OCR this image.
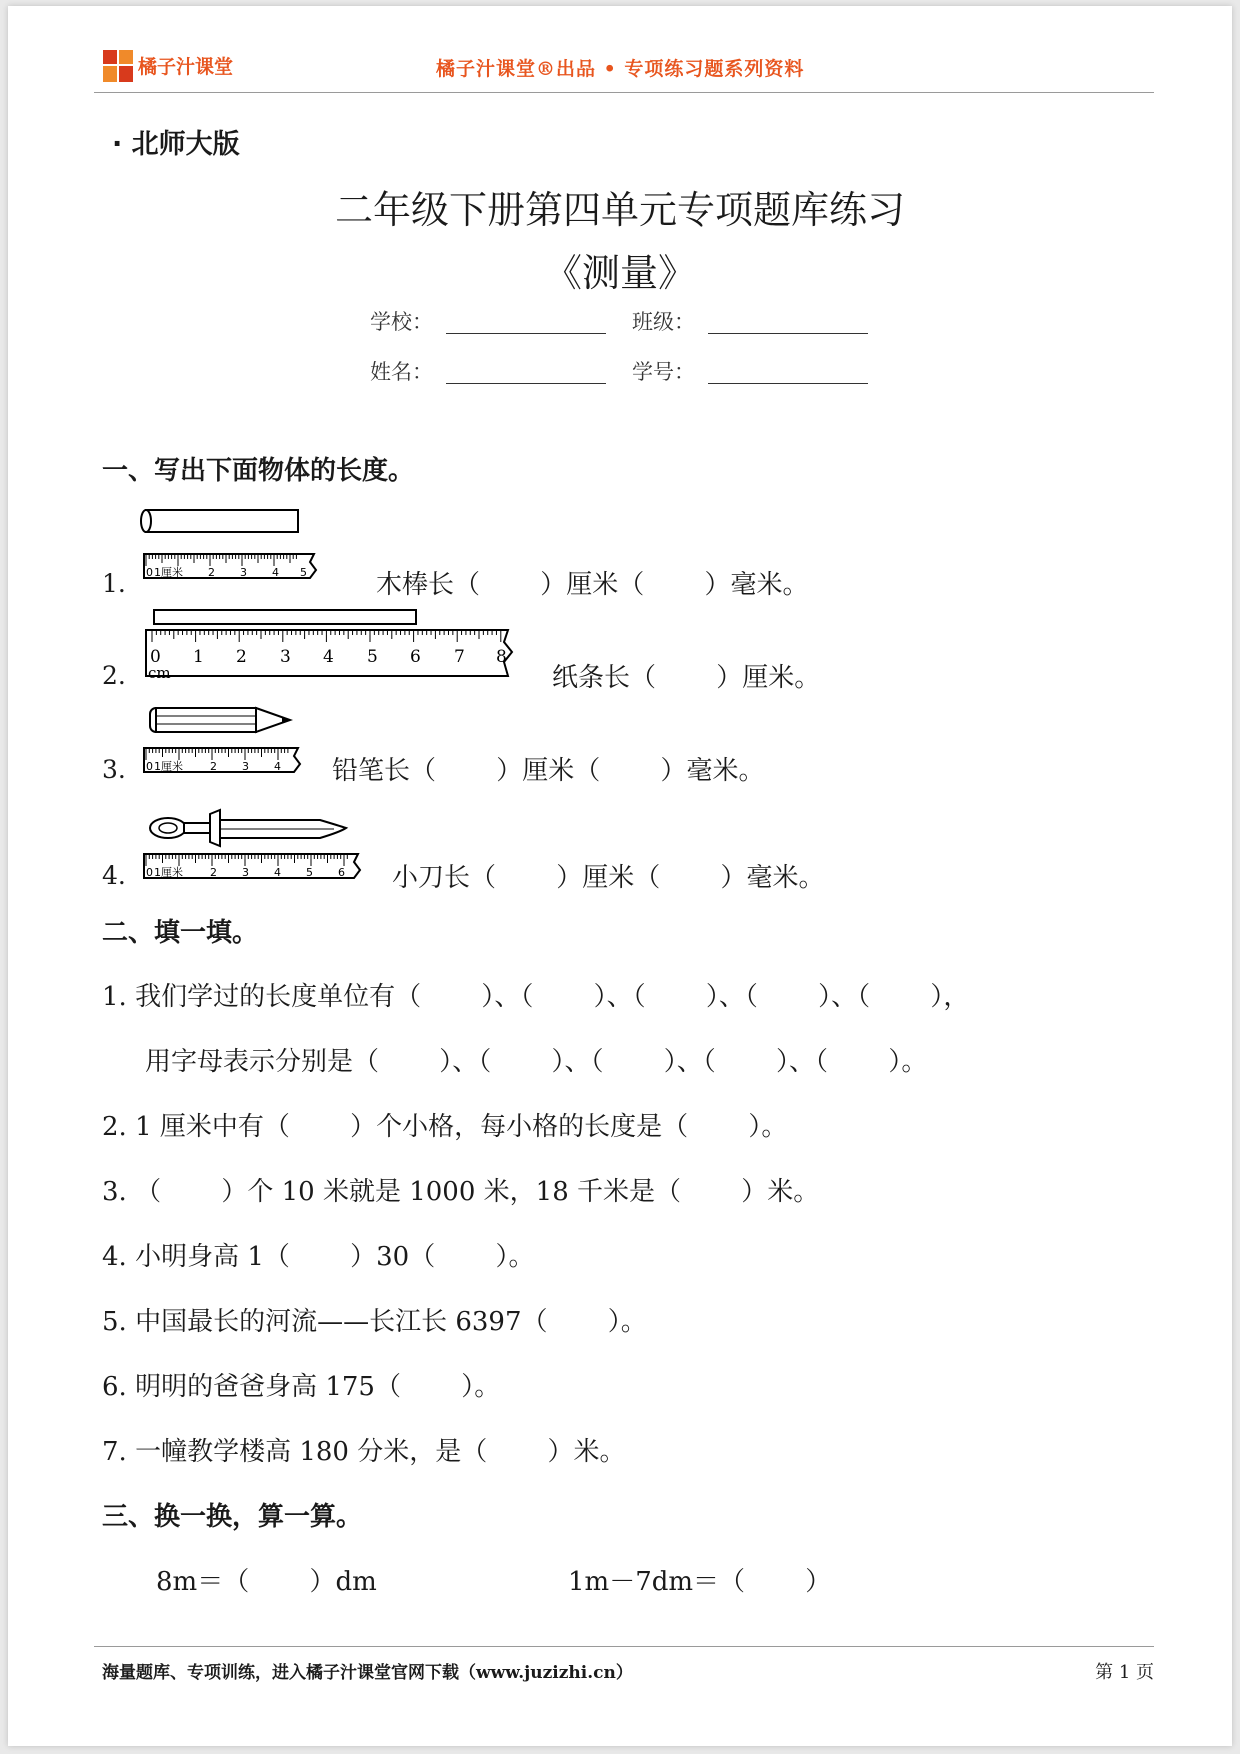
橘子汁课堂	橘子汁课堂®出品 • 专项练习题系列资料
· 北师大版
二年级下册第四单元专项题库练习
《测量》
学校：	班级：
姓名：	学号：
一、写出下面物体的长度。
1. 0 1 厘米 2 3 4 5	木棒长（　　 ）厘米（　　 ）毫米。
2.
0 1 2 3 4 5 6 7 8
cm	纸条长（　　 ）厘米。
3. 0 1 厘米 2 3 4 铅笔长（　　 ）厘米（　　 ）毫米。
4. 0 1 厘米 2 3 4 5 6 小刀长（　　 ）厘米（　　 ）毫米。
二、填一填。
1. 我们学过的长度单位有（　　 ）、（　　 ）、（　　 ）、（　　 ）、（　　 ），
用字母表示分别是（　　 ）、（　　 ）、（　　 ）、（　　 ）、（　　 ）。
2. 1 厘米中有（　　 ）个小格，每小格的长度是（　　 ）。
3. （　　 ）个 10 米就是 1000 米，18 千米是（　　 ）米。
4. 小明身高 1（　　 ）30（　　 ）。
5. 中国最长的河流——长江长 6397（　　 ）。
6. 明明的爸爸身高 175（　　 ）。
7. 一幢教学楼高 180 分米，是（　　 ）米。
三、换一换，算一算。
8m＝（　　 ）dm	1m－7dm＝（　　 ）
海量题库、专项训练，进入橘子汁课堂官网下载（www.juzizhi.cn）	第 1 页
